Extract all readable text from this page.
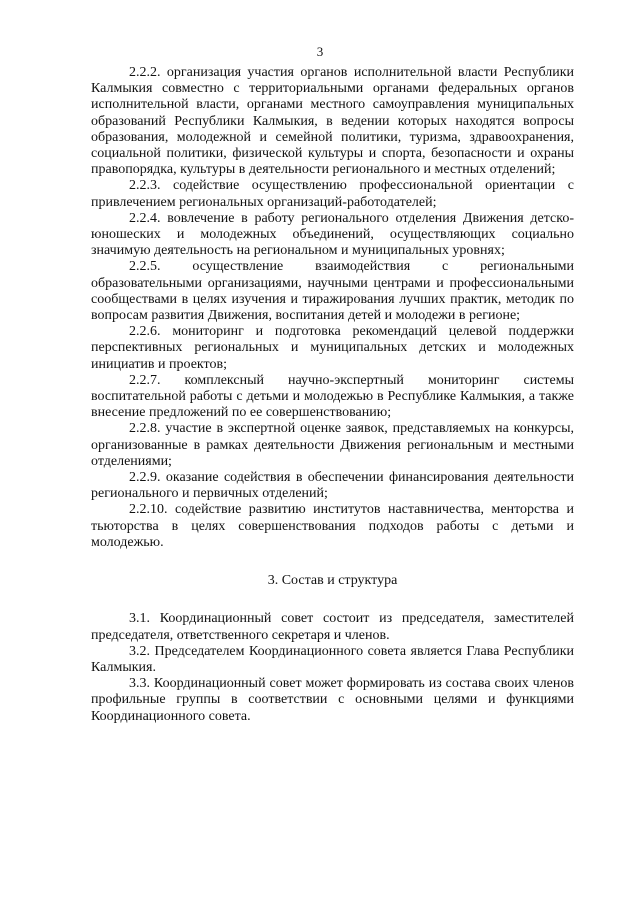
3

2.2.2. организация участия органов исполнительной власти Республики Калмыкия совместно с территориальными органами федеральных органов исполнительной власти, органами местного самоуправления муниципальных образований Республики Калмыкия, в ведении которых находятся вопросы образования, молодежной и семейной политики, туризма, здравоохранения, социальной политики, физической культуры и спорта, безопасности и охраны правопорядка, культуры в деятельности регионального и местных отделений;

2.2.3. содействие осуществлению профессиональной ориентации с привлечением региональных организаций-работодателей;

2.2.4. вовлечение в работу регионального отделения Движения детско-юношеских и молодежных объединений, осуществляющих социально значимую деятельность на региональном и муниципальных уровнях;

2.2.5. осуществление взаимодействия с региональными образовательными организациями, научными центрами и профессиональными сообществами в целях изучения и тиражирования лучших практик, методик по вопросам развития Движения, воспитания детей и молодежи в регионе;

2.2.6. мониторинг и подготовка рекомендаций целевой поддержки перспективных региональных и муниципальных детских и молодежных инициатив и проектов;

2.2.7. комплексный научно-экспертный мониторинг системы воспитательной работы с детьми и молодежью в Республике Калмыкия, а также внесение предложений по ее совершенствованию;

2.2.8. участие в экспертной оценке заявок, представляемых на конкурсы, организованные в рамках деятельности Движения региональным и местными отделениями;

2.2.9. оказание содействия в обеспечении финансирования деятельности регионального и первичных отделений;

2.2.10. содействие развитию институтов наставничества, менторства и тьюторства в целях совершенствования подходов работы с детьми и молодежью.

3. Состав и структура

3.1. Координационный совет состоит из председателя, заместителей председателя, ответственного секретаря и членов.

3.2. Председателем Координационного совета является Глава Республики Калмыкия.

3.3. Координационный совет может формировать из состава своих членов профильные группы в соответствии с основными целями и функциями Координационного совета.
